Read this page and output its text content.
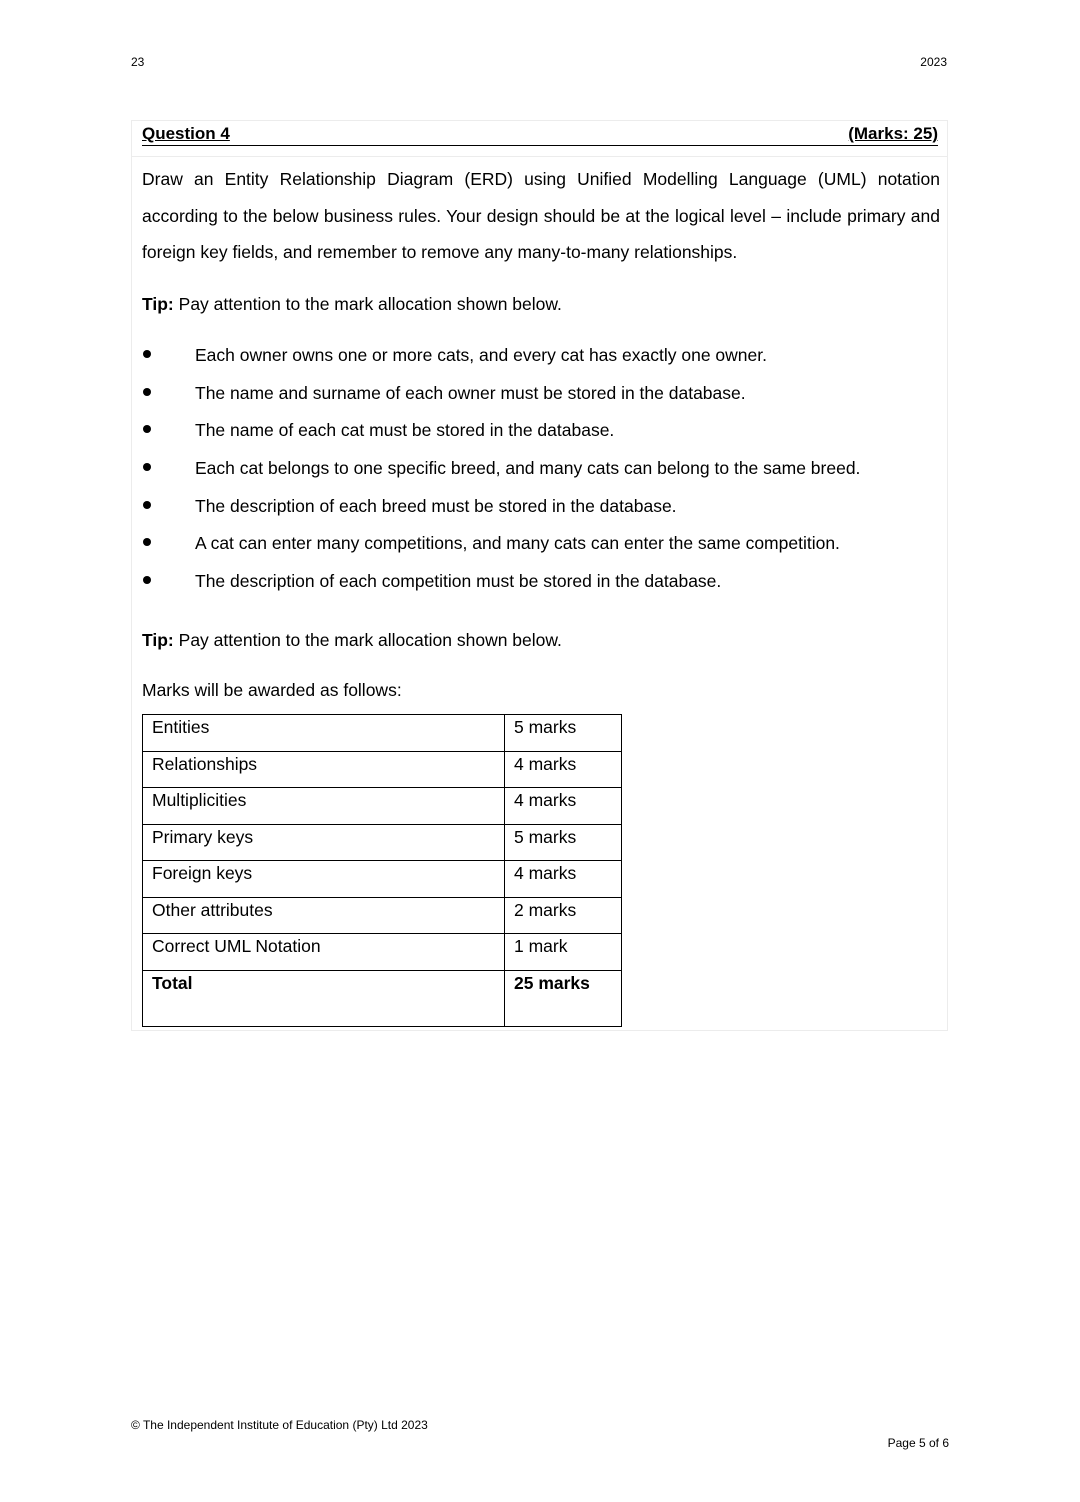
23	2023
Question 4	(Marks: 25)
Draw an Entity Relationship Diagram (ERD) using Unified Modelling Language (UML) notation according to the below business rules. Your design should be at the logical level – include primary and foreign key fields, and remember to remove any many-to-many relationships.
Tip: Pay attention to the mark allocation shown below.
Each owner owns one or more cats, and every cat has exactly one owner.
The name and surname of each owner must be stored in the database.
The name of each cat must be stored in the database.
Each cat belongs to one specific breed, and many cats can belong to the same breed.
The description of each breed must be stored in the database.
A cat can enter many competitions, and many cats can enter the same competition.
The description of each competition must be stored in the database.
Tip: Pay attention to the mark allocation shown below.
Marks will be awarded as follows:
Entities	5 marks
Relationships	4 marks
Multiplicities	4 marks
Primary keys	5 marks
Foreign keys	4 marks
Other attributes	2 marks
Correct UML Notation	1 mark
Total	25 marks
© The Independent Institute of Education (Pty) Ltd 2023
Page 5 of 6
